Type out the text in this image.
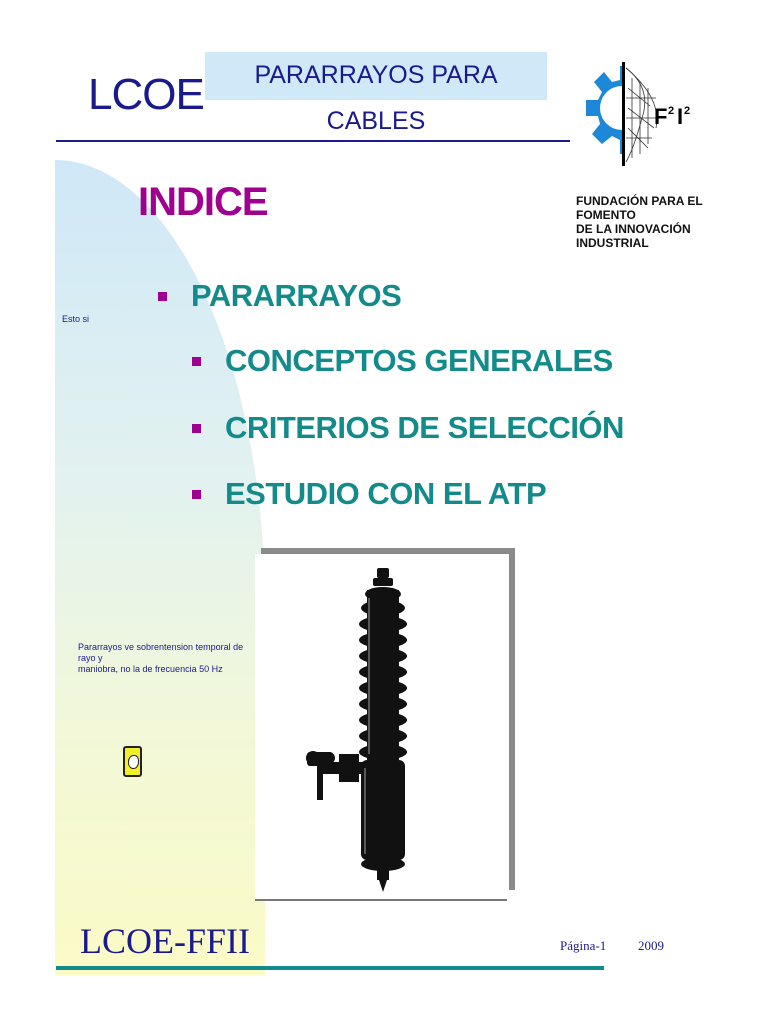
LCOE	PARARRAYOS PARA CABLES	F 2 I 2
FUNDACIÓN PARA EL FOMENTO
DE LA INNOVACIÓN INDUSTRIAL
INDICE
PARARRAYOS
CONCEPTOS GENERALES
CRITERIOS DE SELECCIÓN
ESTUDIO CON EL ATP
Esto si
Pararrayos ve sobrentension temporal de rayo y
maniobra, no la de frecuencia 50 Hz
LCOE-FFII	Página-1 2009
